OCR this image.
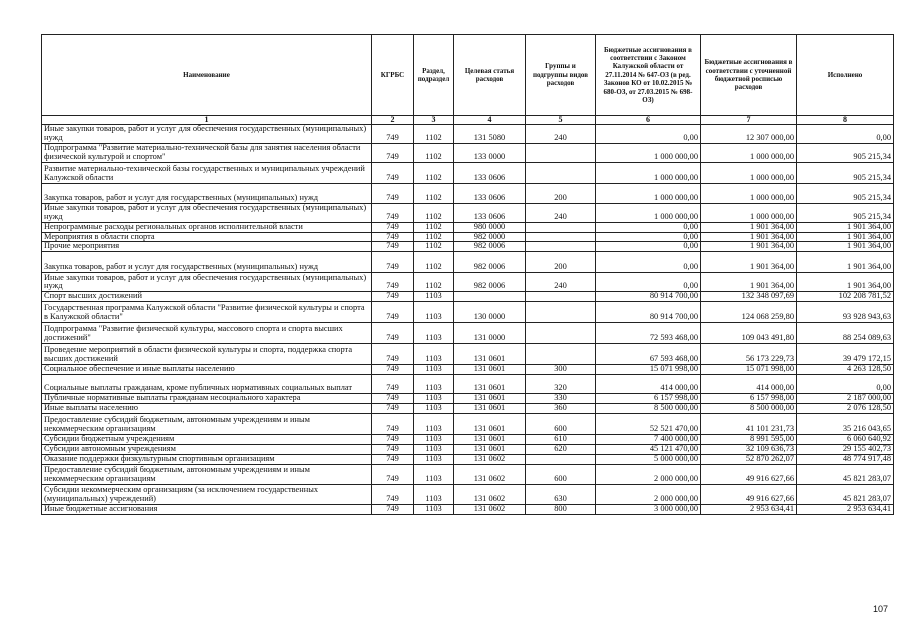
Наименование	КГРБС	Раздел, подраздел	Целевая статья расходов	Группы и подгруппы видов расходов	Бюджетные ассигнования в соответствии с Законом Калужской области от 27.11.2014 № 647-ОЗ (в ред. Законов КО от 10.02.2015 № 680-ОЗ, от 27.03.2015 № 698-ОЗ)	Бюджетные ассигнования в соответствии с уточненной бюджетной росписью расходов	Исполнено
1	2	3	4	5	6	7	8
Иные закупки товаров, работ и услуг для обеспечения государственных (муниципальных) нужд	749	1102	131 5080	240	0,00	12 307 000,00	0,00
Подпрограмма "Развитие материально-технической базы для занятия населения области физической культурой и спортом"	749	1102	133 0000		1 000 000,00	1 000 000,00	905 215,34
Развитие материально-технической базы государственных и муниципальных учреждений Калужской области	749	1102	133 0606		1 000 000,00	1 000 000,00	905 215,34
Закупка товаров, работ и услуг для государственных (муниципальных) нужд	749	1102	133 0606	200	1 000 000,00	1 000 000,00	905 215,34
Иные закупки товаров, работ и услуг для обеспечения государственных (муниципальных) нужд	749	1102	133 0606	240	1 000 000,00	1 000 000,00	905 215,34
Непрограммные расходы региональных органов исполнительной власти	749	1102	980 0000		0,00	1 901 364,00	1 901 364,00
Мероприятия в области спорта	749	1102	982 0000		0,00	1 901 364,00	1 901 364,00
Прочие мероприятия	749	1102	982 0006		0,00	1 901 364,00	1 901 364,00
Закупка товаров, работ и услуг для государственных (муниципальных) нужд	749	1102	982 0006	200	0,00	1 901 364,00	1 901 364,00
Иные закупки товаров, работ и услуг для обеспечения государственных (муниципальных) нужд	749	1102	982 0006	240	0,00	1 901 364,00	1 901 364,00
Спорт высших достижений	749	1103			80 914 700,00	132 348 097,69	102 208 781,52
Государственная программа Калужской области "Развитие физической культуры и спорта в Калужской области"	749	1103	130 0000		80 914 700,00	124 068 259,80	93 928 943,63
Подпрограмма "Развитие физической культуры, массового спорта и спорта высших достижений"	749	1103	131 0000		72 593 468,00	109 043 491,80	88 254 089,63
Проведение мероприятий в области физической культуры и спорта, поддержка спорта высших достижений	749	1103	131 0601		67 593 468,00	56 173 229,73	39 479 172,15
Социальное обеспечение и иные выплаты населению	749	1103	131 0601	300	15 071 998,00	15 071 998,00	4 263 128,50
Социальные выплаты гражданам, кроме публичных нормативных социальных выплат	749	1103	131 0601	320	414 000,00	414 000,00	0,00
Публичные нормативные выплаты гражданам несоциального характера	749	1103	131 0601	330	6 157 998,00	6 157 998,00	2 187 000,00
Иные выплаты населению	749	1103	131 0601	360	8 500 000,00	8 500 000,00	2 076 128,50
Предоставление субсидий бюджетным, автономным учреждениям и иным некоммерческим организациям	749	1103	131 0601	600	52 521 470,00	41 101 231,73	35 216 043,65
Субсидии бюджетным учреждениям	749	1103	131 0601	610	7 400 000,00	8 991 595,00	6 060 640,92
Субсидии автономным учреждениям	749	1103	131 0601	620	45 121 470,00	32 109 636,73	29 155 402,73
Оказание поддержки физкультурным спортивным организациям	749	1103	131 0602		5 000 000,00	52 870 262,07	48 774 917,48
Предоставление субсидий бюджетным, автономным учреждениям и иным некоммерческим организациям	749	1103	131 0602	600	2 000 000,00	49 916 627,66	45 821 283,07
Субсидии некоммерческим организациям (за исключением государственных (муниципальных) учреждений)	749	1103	131 0602	630	2 000 000,00	49 916 627,66	45 821 283,07
Иные бюджетные ассигнования	749	1103	131 0602	800	3 000 000,00	2 953 634,41	2 953 634,41
107
